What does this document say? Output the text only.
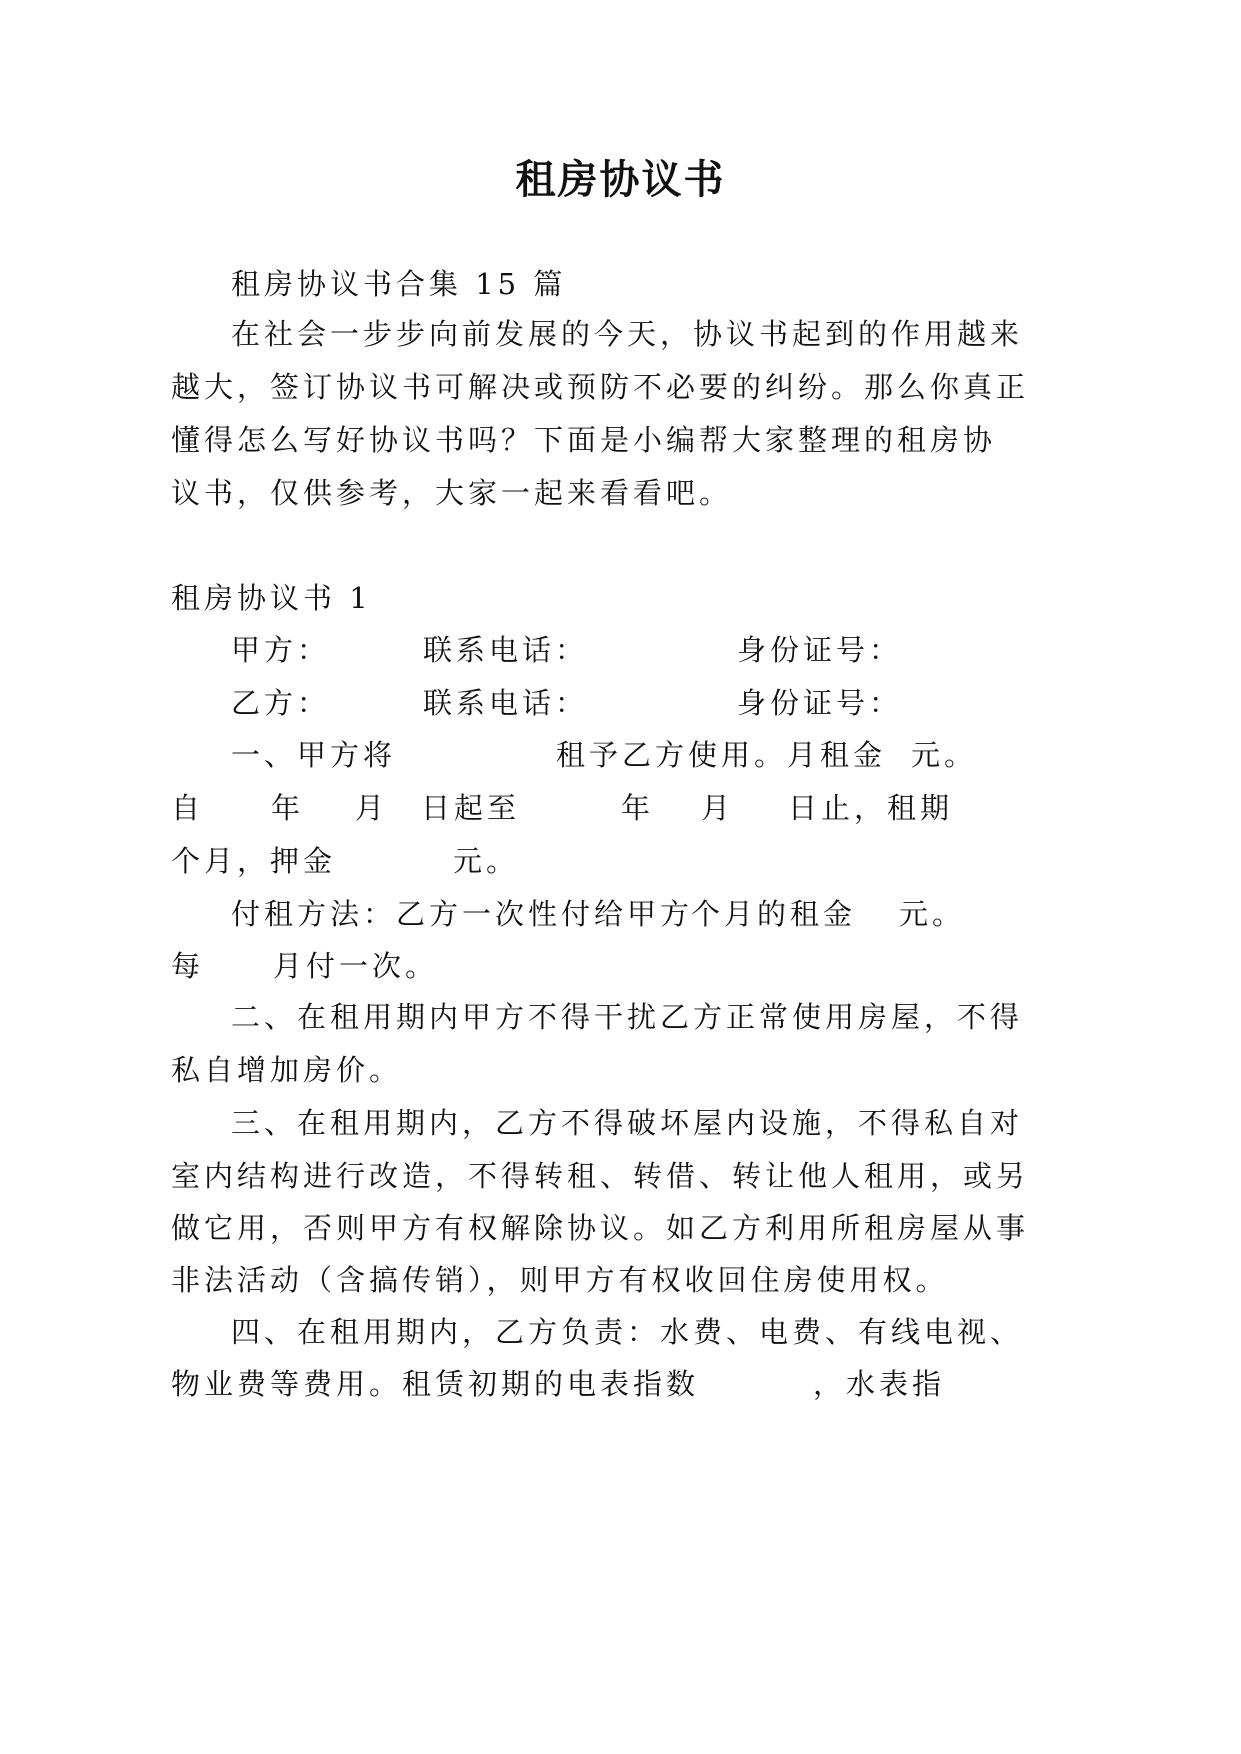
租房协议书

租房协议书合集 15 篇

在社会一步步向前发展的今天，协议书起到的作用越来

越大，签订协议书可解决或预防不必要的纠纷。那么你真正

懂得怎么写好协议书吗？下面是小编帮大家整理的租房协

议书，仅供参考，大家一起来看看吧。

租房协议书 1

甲方：	联系电话：	身份证号：
乙方：	联系电话：	身份证号：
一、甲方将	租予乙方使用。月租金 元。
自 年 月 日起至	年 月 日止，租期
个月，押金	元。
付租方法：乙方一次性付给甲方
个月的租金 元。
每 月付一次。

二、在租用期内甲方不得干扰乙方正常使用房屋，不得

私自增加房价。

三、在租用期内，乙方不得破坏屋内设施，不得私自对

室内结构进行改造，不得转租、转借、转让他人租用，或另

做它用，否则甲方有权解除协议。如乙方利用所租房屋从事

非法活动（含搞传销），则甲方有权收回住房使用权。

四、在租用期内，乙方负责：水费、电费、有线电视、

物业费等费用。租赁初期的电表指数	，水表指
